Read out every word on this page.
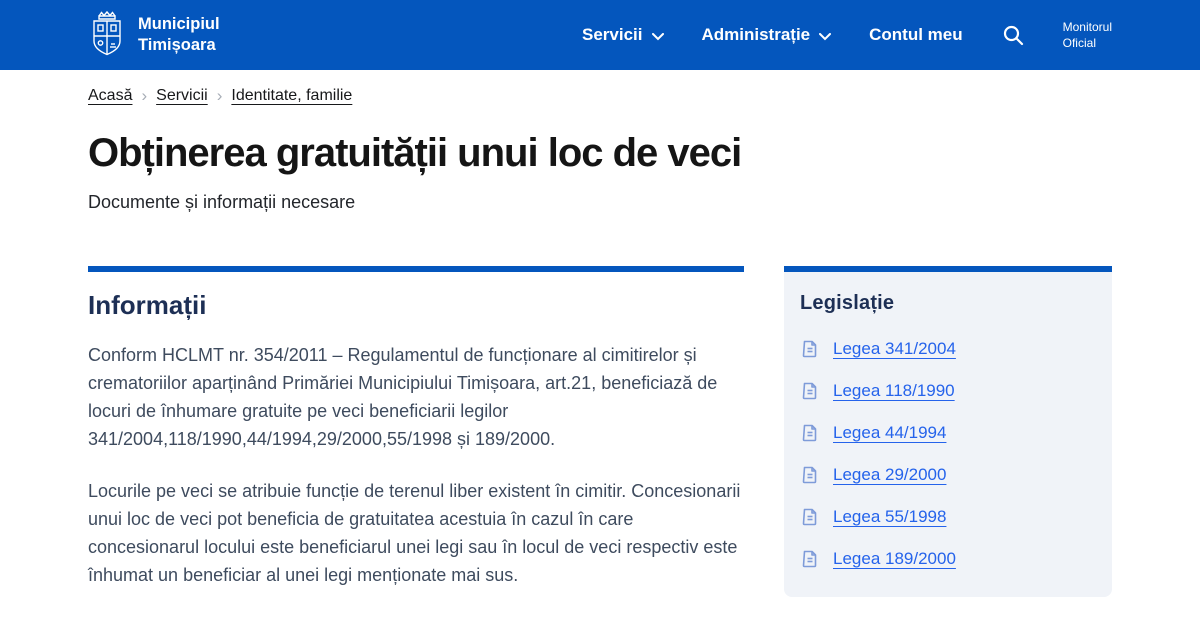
Municipiul
Timișoara
Servicii	Administrație	Contul meu	Monitorul
Oficial
Acasă › Servicii › Identitate, familie
Obținerea gratuității unui loc de veci

Documente și informații necesare

Informații

Conform HCLMT nr. 354/2011 – Regulamentul de funcționare al cimitirelor și crematoriilor aparținând Primăriei Municipiului Timișoara, art.21, beneficiază de locuri de înhumare gratuite pe veci beneficiarii legilor 341/2004,118/1990,44/1994,29/2000,55/1998 și 189/2000.

Locurile pe veci se atribuie funcție de terenul liber existent în cimitir. Concesionarii unui loc de veci pot beneficia de gratuitatea acestuia în cazul în care concesionarul locului este beneficiarul unei legi sau în locul de veci respectiv este înhumat un beneficiar al unei legi menționate mai sus.

Legislație
Legea 341/2004
Legea 118/1990
Legea 44/1994
Legea 29/2000
Legea 55/1998
Legea 189/2000
